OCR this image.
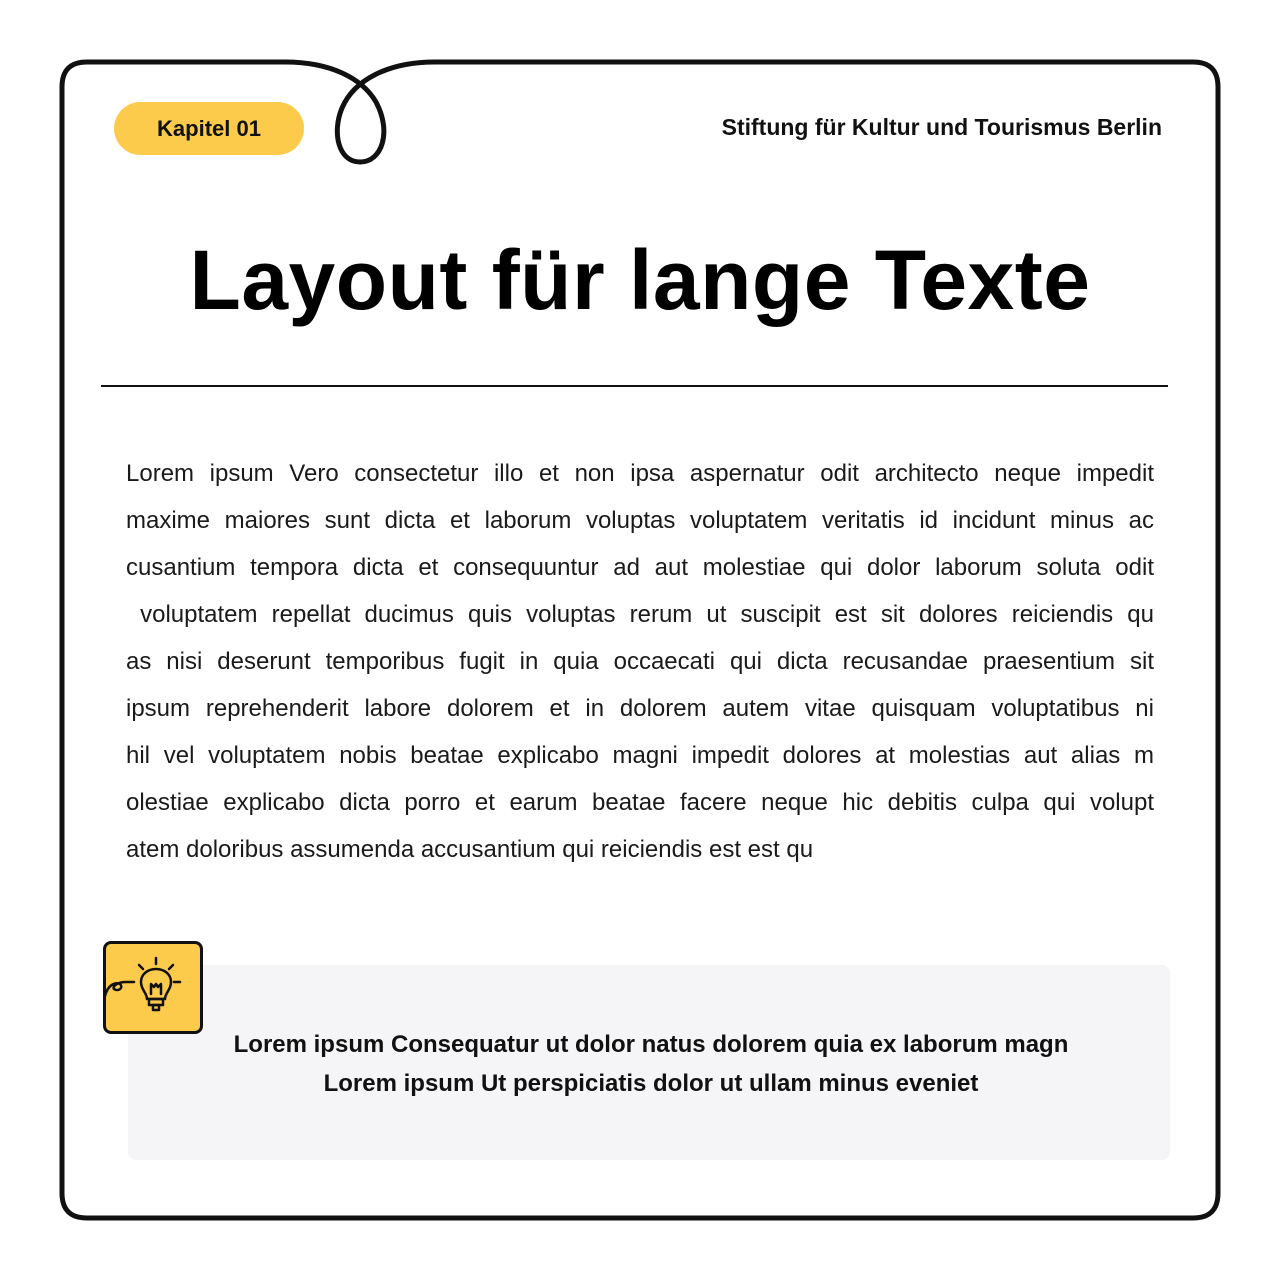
Kapitel 01	Stiftung für Kultur und Tourismus Berlin
Layout für lange Texte
Lorem ipsum Vero consectetur illo et non ipsa aspernatur odit architecto neque impedit
maxime maiores sunt dicta et laborum voluptas voluptatem veritatis id incidunt minus ac
cusantium tempora dicta et consequuntur ad aut molestiae qui dolor laborum soluta odit
voluptatem repellat ducimus quis voluptas rerum ut suscipit est sit dolores reiciendis qu
as nisi deserunt temporibus fugit in quia occaecati qui dicta recusandae praesentium sit
ipsum reprehenderit labore dolorem et in dolorem autem vitae quisquam voluptatibus ni
hil vel voluptatem nobis beatae explicabo magni impedit dolores at molestias aut alias m
olestiae explicabo dicta porro et earum beatae facere neque hic debitis culpa qui volupt
atem doloribus assumenda accusantium qui reiciendis est est qu
Lorem ipsum Consequatur ut dolor natus dolorem quia ex laborum magn
Lorem ipsum Ut perspiciatis dolor ut ullam minus eveniet
